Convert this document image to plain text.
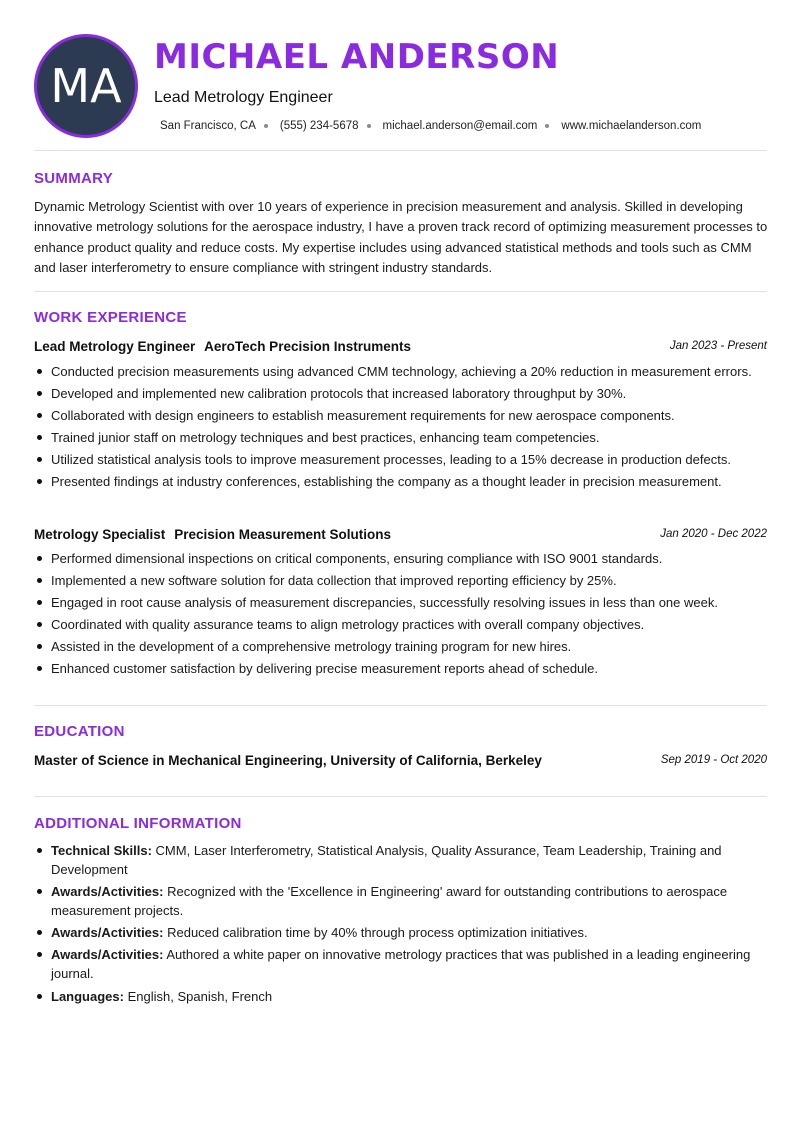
MA
MICHAEL ANDERSON
Lead Metrology Engineer
San Francisco, CA (555) 234-5678 michael.anderson@email.com www.michaelanderson.com
SUMMARY
Dynamic Metrology Scientist with over 10 years of experience in precision measurement and analysis. Skilled in developing innovative metrology solutions for the aerospace industry, I have a proven track record of optimizing measurement processes to enhance product quality and reduce costs. My expertise includes using advanced statistical methods and tools such as CMM and laser interferometry to ensure compliance with stringent industry standards.
WORK EXPERIENCE
Lead Metrology Engineer AeroTech Precision Instruments	Jan 2023 - Present
Conducted precision measurements using advanced CMM technology, achieving a 20% reduction in measurement errors.
Developed and implemented new calibration protocols that increased laboratory throughput by 30%.
Collaborated with design engineers to establish measurement requirements for new aerospace components.
Trained junior staff on metrology techniques and best practices, enhancing team competencies.
Utilized statistical analysis tools to improve measurement processes, leading to a 15% decrease in production defects.
Presented findings at industry conferences, establishing the company as a thought leader in precision measurement.
Metrology Specialist Precision Measurement Solutions	Jan 2020 - Dec 2022
Performed dimensional inspections on critical components, ensuring compliance with ISO 9001 standards.
Implemented a new software solution for data collection that improved reporting efficiency by 25%.
Engaged in root cause analysis of measurement discrepancies, successfully resolving issues in less than one week.
Coordinated with quality assurance teams to align metrology practices with overall company objectives.
Assisted in the development of a comprehensive metrology training program for new hires.
Enhanced customer satisfaction by delivering precise measurement reports ahead of schedule.
EDUCATION
Master of Science in Mechanical Engineering, University of California, Berkeley	Sep 2019 - Oct 2020
ADDITIONAL INFORMATION
Technical Skills: CMM, Laser Interferometry, Statistical Analysis, Quality Assurance, Team Leadership, Training and Development
Awards/Activities: Recognized with the 'Excellence in Engineering' award for outstanding contributions to aerospace measurement projects.
Awards/Activities: Reduced calibration time by 40% through process optimization initiatives.
Awards/Activities: Authored a white paper on innovative metrology practices that was published in a leading engineering journal.
Languages: English, Spanish, French
